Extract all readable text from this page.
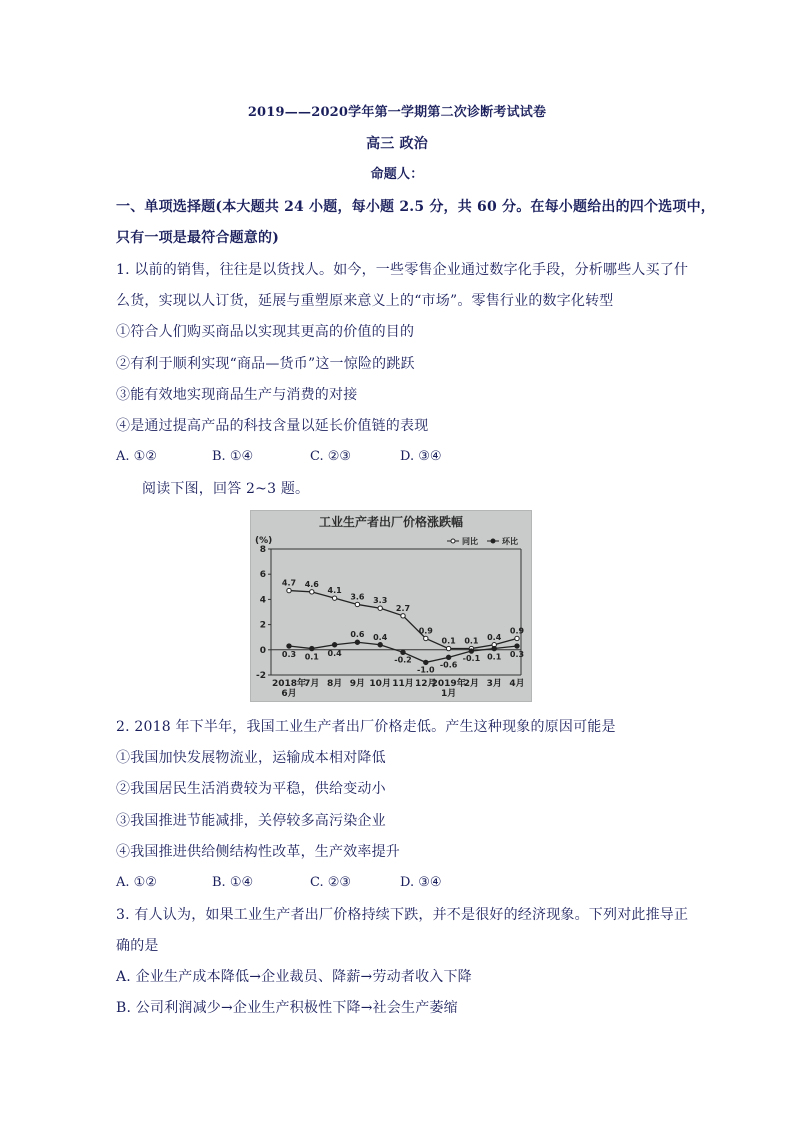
2019——2020学年第一学期第二次诊断考试试卷
高三 政治
命题人：
一、单项选择题(本大题共 24 小题，每小题 2.5 分，共 60 分。在每小题给出的四个选项中，
只有一项是最符合题意的)
1. 以前的销售，往往是以货找人。如今，一些零售企业通过数字化手段，分析哪些人买了什
么货，实现以人订货，延展与重塑原来意义上的“市场”。零售行业的数字化转型
①符合人们购买商品以实现其更高的价值的目的
②有利于顺利实现“商品—货币”这一惊险的跳跃
③能有效地实现商品生产与消费的对接
④是通过提高产品的科技含量以延长价值链的表现
A. ①②	B. ①④	C. ②③	D. ③④
阅读下图，回答 2~3 题。
工业生产者出厂价格涨跌幅
(%)
8
6
4
2
0
-2
2018年 6月
7月 8月 9月 10月 11月 12月
2019年 1月
2月 3月 4月
4.7 4.6
4.1
3.6 3.3
2.7
0.9
0.1 0.1 0.4
0.9
0.3 0.1 0.4
0.6 0.4
-0.2
-1.0
-0.6
-0.1 0.1 0.3
同比	环比
2. 2018 年下半年，我国工业生产者出厂价格走低。产生这种现象的原因可能是
①我国加快发展物流业，运输成本相对降低
②我国居民生活消费较为平稳，供给变动小
③我国推进节能减排，关停较多高污染企业
④我国推进供给侧结构性改革，生产效率提升
A. ①②	B. ①④	C. ②③	D. ③④
3. 有人认为，如果工业生产者出厂价格持续下跌，并不是很好的经济现象。下列对此推导正
确的是
A. 企业生产成本降低→企业裁员、降薪→劳动者收入下降
B. 公司利润减少→企业生产积极性下降→社会生产萎缩
